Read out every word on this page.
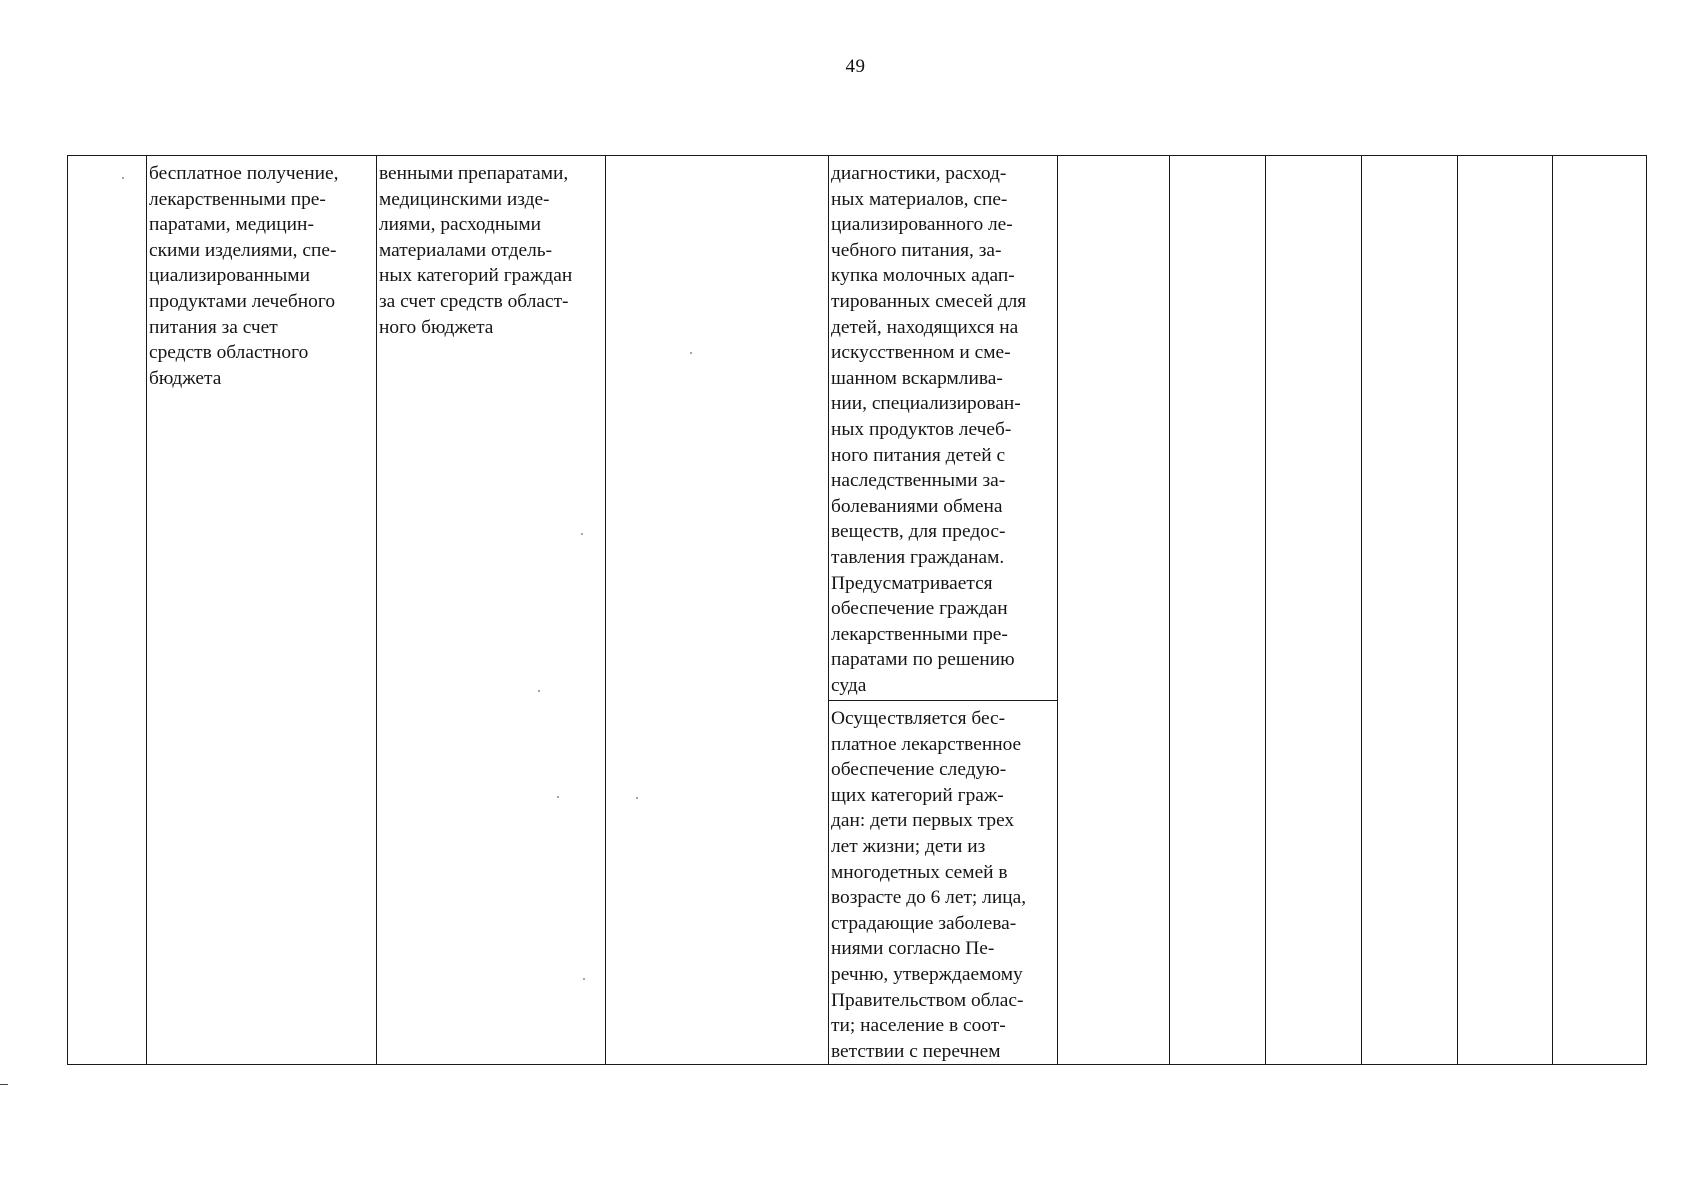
49
бесплатное получение,
лекарственными пре-
паратами, медицин-
скими изделиями, спе-
циализированными
продуктами лечебного
питания за счет
средств областного
бюджета
венными препаратами,
медицинскими изде-
лиями, расходными
материалами отдель-
ных категорий граждан
за счет средств област-
ного бюджета
диагностики, расход-
ных материалов, спе-
циализированного ле-
чебного питания, за-
купка молочных адап-
тированных смесей для
детей, находящихся на
искусственном и сме-
шанном вскармлива-
нии, специализирован-
ных продуктов лечеб-
ного питания детей с
наследственными за-
болеваниями обмена
веществ, для предос-
тавления гражданам.
Предусматривается
обеспечение граждан
лекарственными пре-
паратами по решению
суда
Осуществляется бес-
платное лекарственное
обеспечение следую-
щих категорий граж-
дан: дети первых трех
лет жизни; дети из
многодетных семей в
возрасте до 6 лет; лица,
страдающие заболева-
ниями согласно Пе-
речню, утверждаемому
Правительством облас-
ти; население в соот-
ветствии с перечнем
